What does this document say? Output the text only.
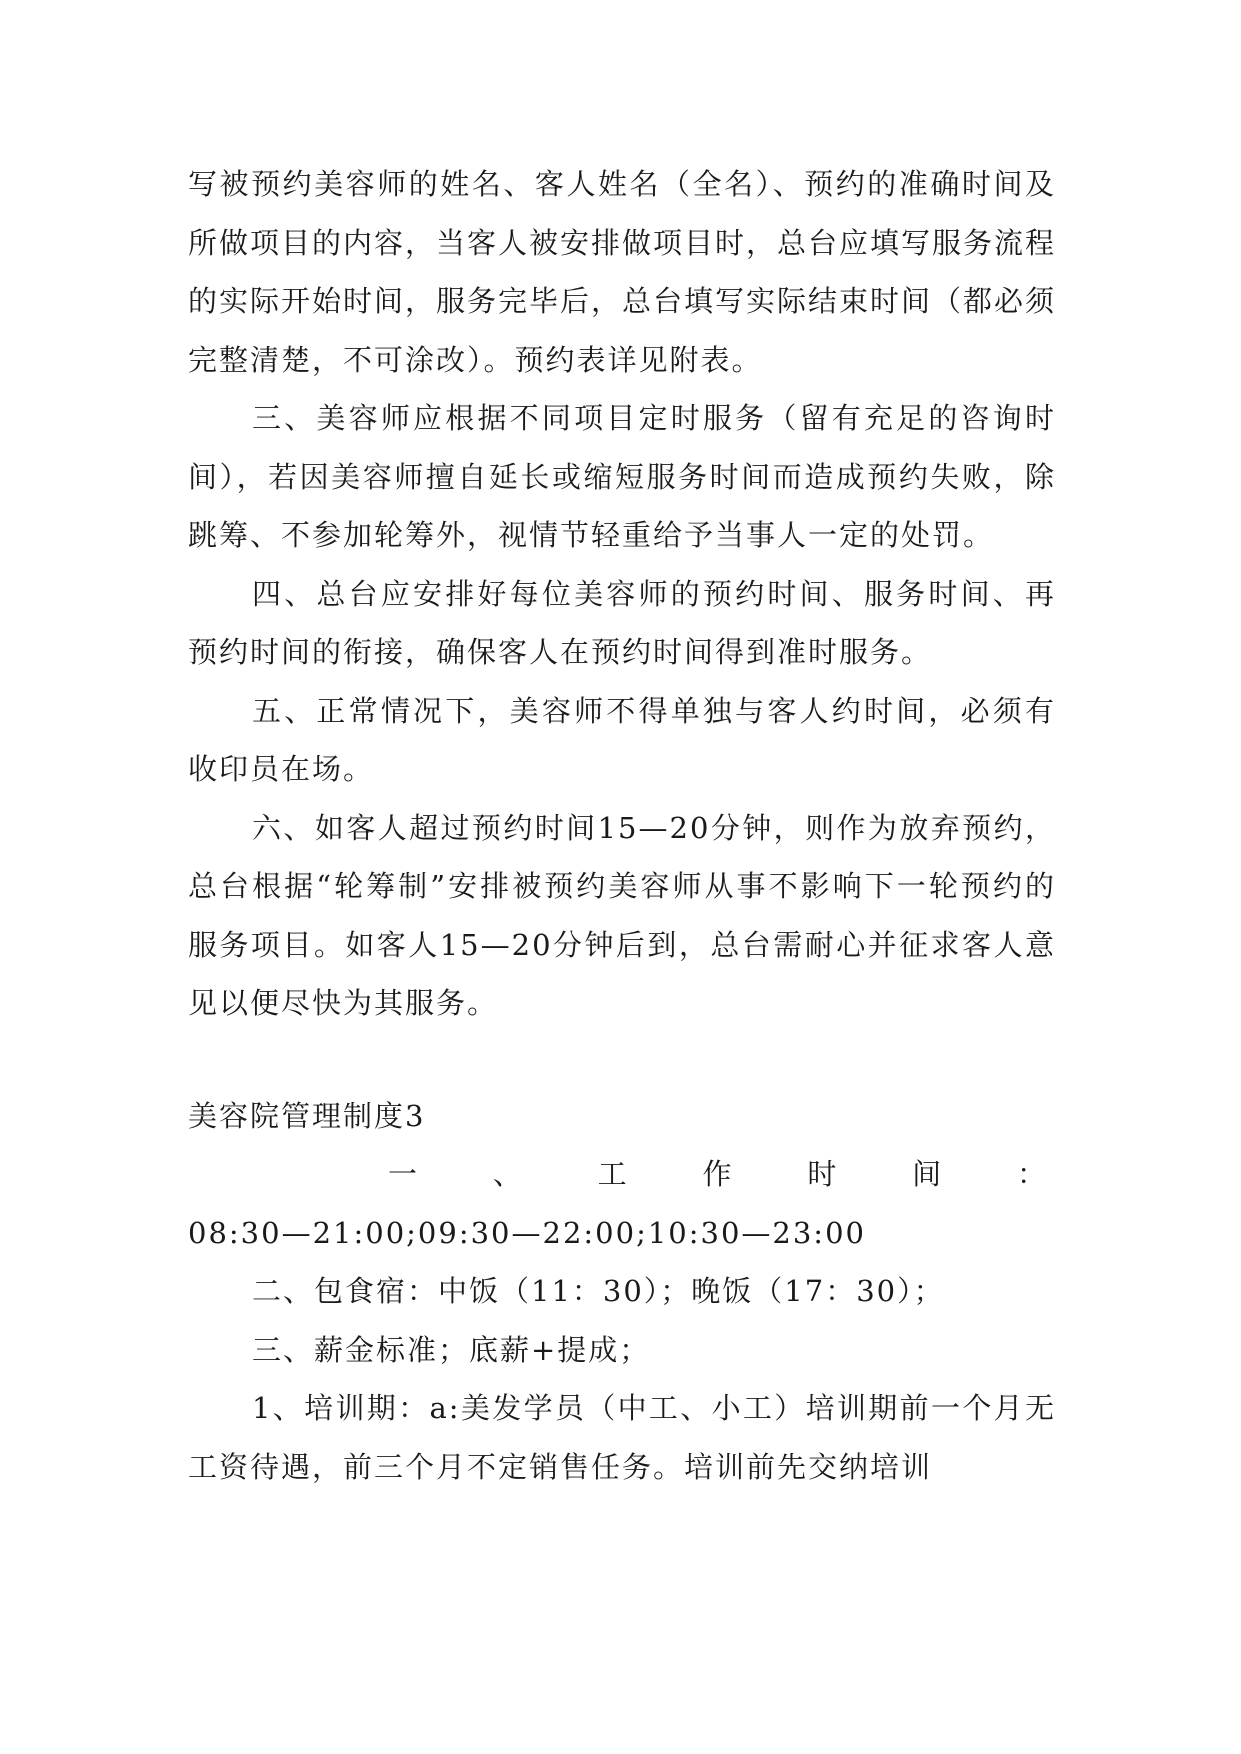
写被预约美容师的姓名、客人姓名（全名）、预约的准确时间及所做项目的内容，当客人被安排做项目时，总台应填写服务流程的实际开始时间，服务完毕后，总台填写实际结束时间（都必须完整清楚，不可涂改）。预约表详见附表。

三、美容师应根据不同项目定时服务（留有充足的咨询时间），若因美容师擅自延长或缩短服务时间而造成预约失败，除跳筹、不参加轮筹外，视情节轻重给予当事人一定的处罚。

四、总台应安排好每位美容师的预约时间、服务时间、再预约时间的衔接，确保客人在预约时间得到准时服务。

五、正常情况下，美容师不得单独与客人约时间，必须有收印员在场。

六、如客人超过预约时间15—20分钟，则作为放弃预约，总台根据“轮筹制”安排被预约美容师从事不影响下一轮预约的服务项目。如客人15—20分钟后到，总台需耐心并征求客人意见以便尽快为其服务。

美容院管理制度3

一	、	工	作	时	间	：

08:30—21:00;09:30—22:00;10:30—23:00

二、包食宿：中饭（11：30）；晚饭（17：30）；

三、薪金标准；底薪+提成；

1、培训期：a:美发学员（中工、小工）培训期前一个月无工资待遇，前三个月不定销售任务。培训前先交纳培训
